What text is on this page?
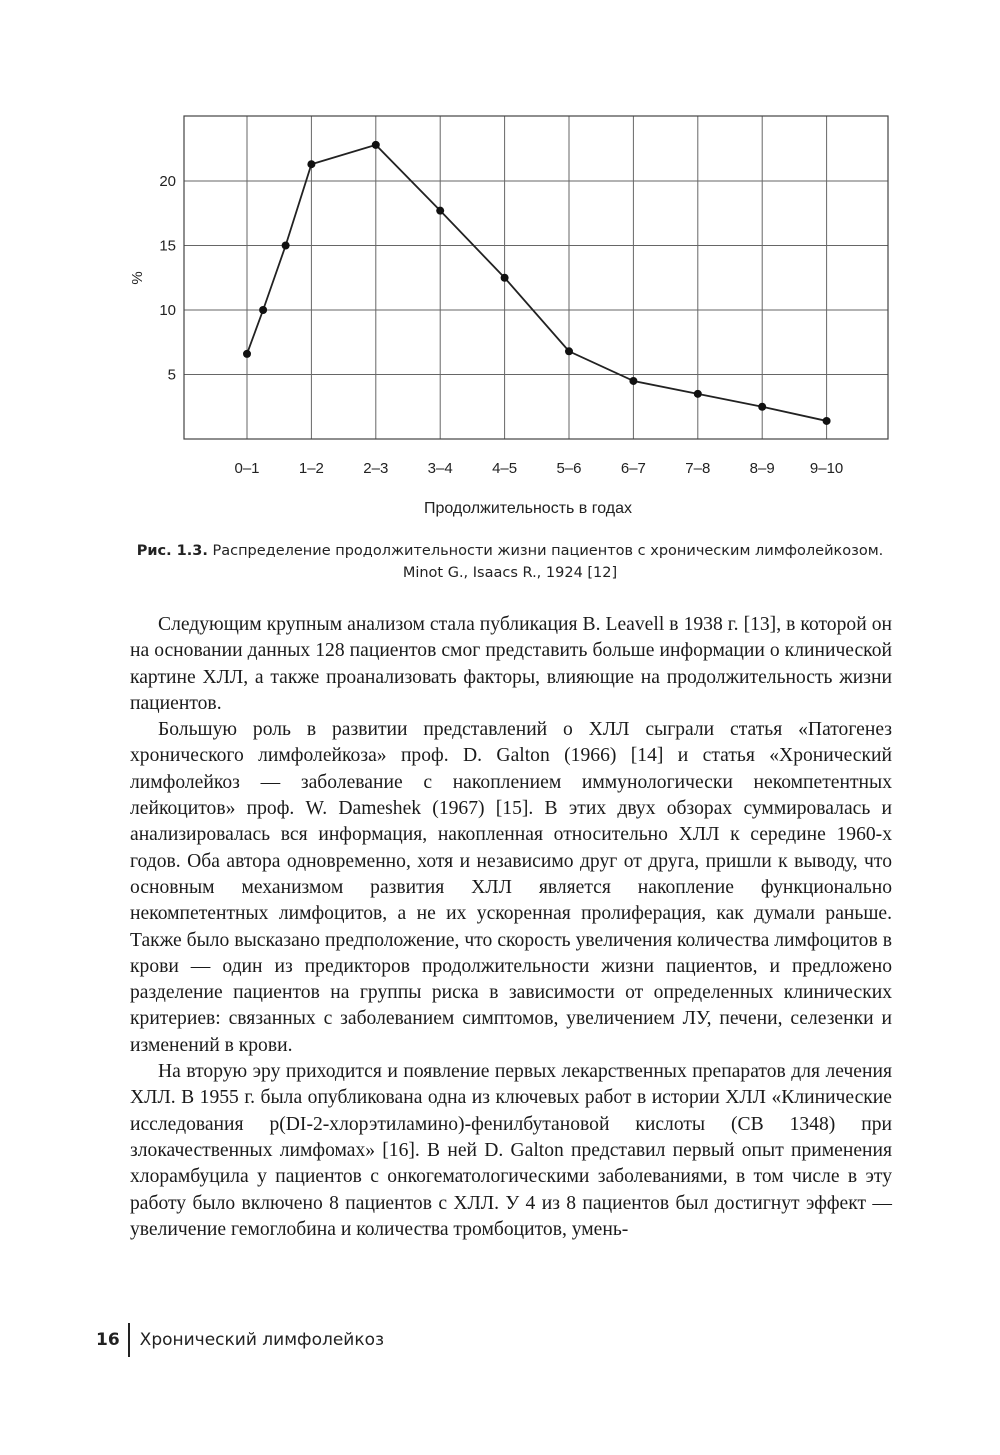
5
10
15
20
0–1	1–2	2–3	3–4	4–5	5–6	6–7	7–8	8–9 9–10
%
Продолжительность в годах
Рис. 1.3. Распределение продолжительности жизни пациентов с хроническим лимфолейкозом. Minot G., Isaacs R., 1924 [12]

Следующим крупным анализом стала публикация B. Leavell в 1938 г. [13], в которой он на основании данных 128 пациентов смог представить больше информации о клинической картине ХЛЛ, а также проанализовать факторы, влияющие на продолжительность жизни пациентов.

Большую роль в развитии представлений о ХЛЛ сыграли статья «Патогенез хронического лимфолейкоза» проф. D. Galton (1966) [14] и статья «Хронический лимфолейкоз — заболевание с накоплением иммунологически некомпетентных лейкоцитов» проф. W. Dameshek (1967) [15]. В этих двух обзорах суммировалась и анализировалась вся информация, накопленная относительно ХЛЛ к середине 1960-х годов. Оба автора одновременно, хотя и независимо друг от друга, пришли к выводу, что основным механизмом развития ХЛЛ является накопление функционально некомпетентных лимфоцитов, а не их ускоренная пролиферация, как думали раньше. Также было высказано предположение, что скорость увеличения количества лимфоцитов в крови — один из предикторов продолжительности жизни пациентов, и предложено разделение пациентов на группы риска в зависимости от определенных клинических критериев: связанных с заболеванием симптомов, увеличением ЛУ, печени, селезенки и изменений в крови.

На вторую эру приходится и появление первых лекарственных препаратов для лечения ХЛЛ. В 1955 г. была опубликована одна из ключевых работ в истории ХЛЛ «Клинические исследования р(DI-2-хлорэтиламино)-фенилбутановой кислоты (СВ 1348) при злокачественных лимфомах» [16]. В ней D. Galton представил первый опыт применения хлорамбуцила у пациентов с онкогематологическими заболеваниями, в том числе в эту работу было включено 8 пациентов с ХЛЛ. У 4 из 8 пациентов был достигнут эффект — увеличение гемоглобина и количества тромбоцитов, умень-

16	Хронический лимфолейкоз
